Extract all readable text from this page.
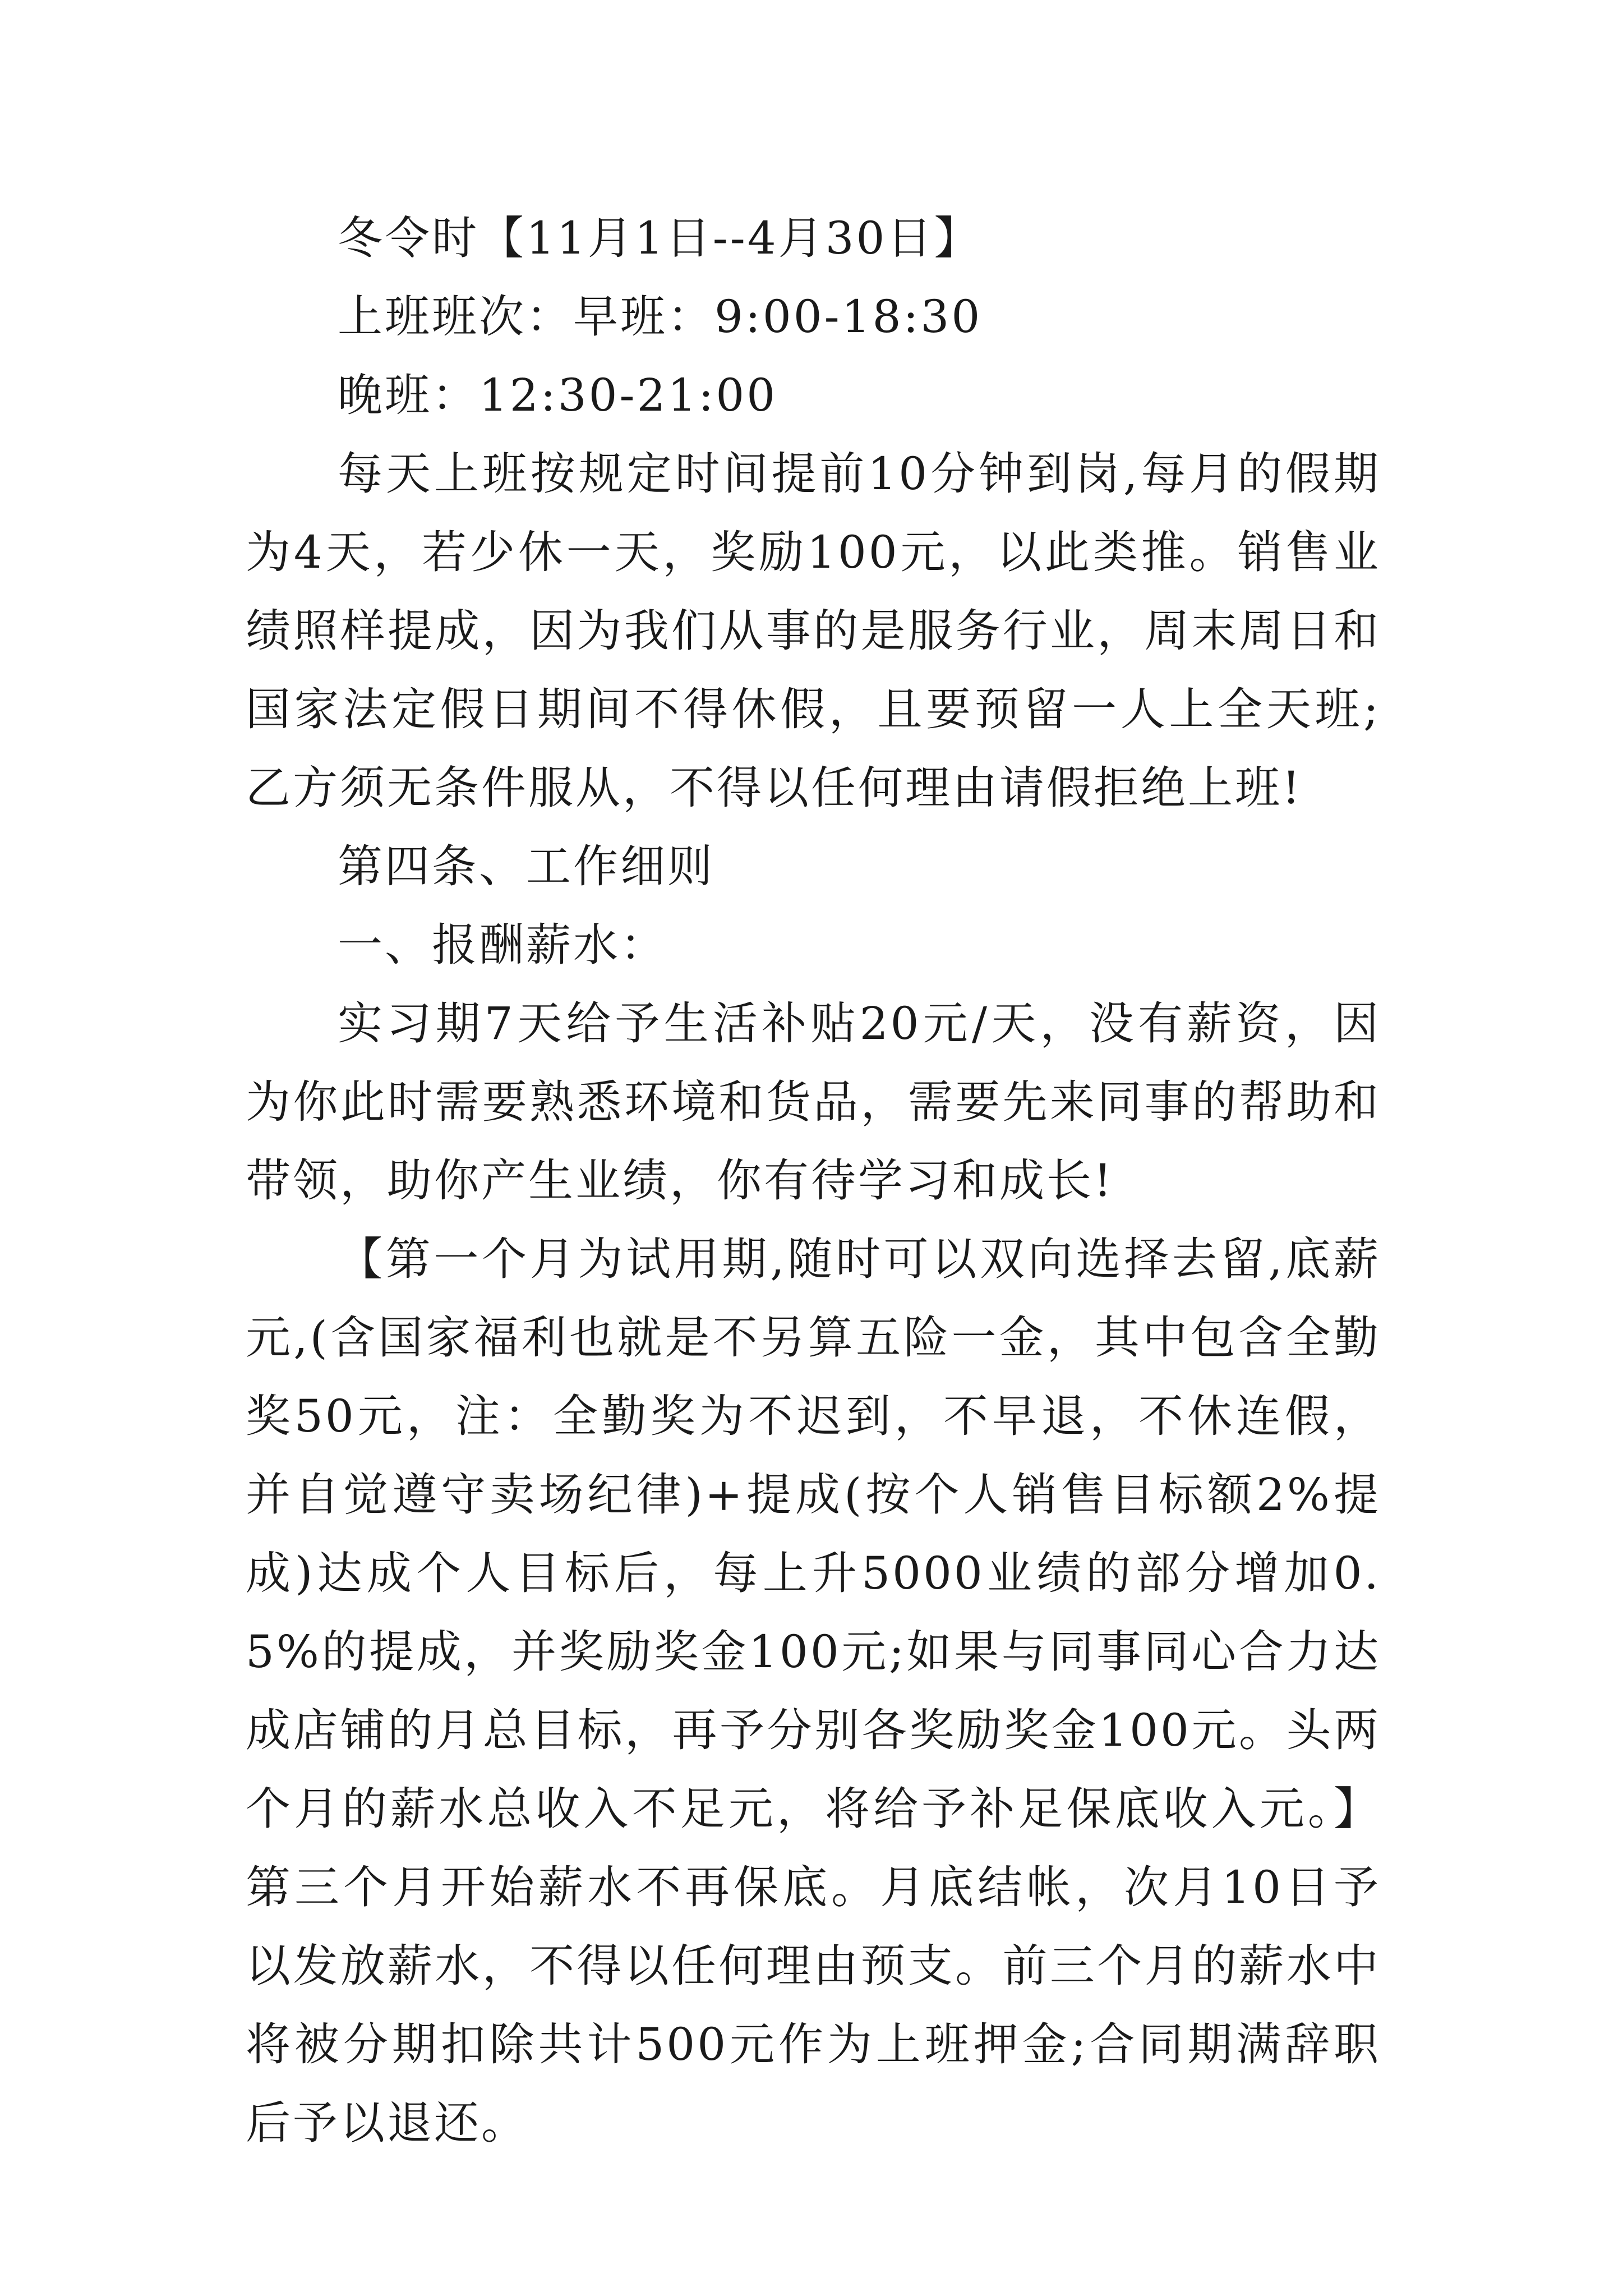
冬令时【11月1日--4月30日】

上班班次：早班：9:00-18:30

晚班：12:30-21:00

每天上班按规定时间提前10分钟到岗,每月的假期为4天，若少休一天，奖励100元，以此类推。销售业绩照样提成，因为我们从事的是服务行业，周末周日和国家法定假日期间不得休假，且要预留一人上全天班;乙方须无条件服从，不得以任何理由请假拒绝上班!

第四条、工作细则

一、报酬薪水：

实习期7天给予生活补贴20元/天，没有薪资，因为你此时需要熟悉环境和货品，需要先来同事的帮助和带领，助你产生业绩，你有待学习和成长!

【第一个月为试用期,随时可以双向选择去留,底薪元,(含国家福利也就是不另算五险一金，其中包含全勤奖50元，注：全勤奖为不迟到，不早退，不休连假，并自觉遵守卖场纪律)+提成(按个人销售目标额2%提成)达成个人目标后，每上升5000业绩的部分增加0.5%的提成，并奖励奖金100元;如果与同事同心合力达成店铺的月总目标，再予分别各奖励奖金100元。头两个月的薪水总收入不足元，将给予补足保底收入元。】第三个月开始薪水不再保底。月底结帐，次月10日予以发放薪水，不得以任何理由预支。前三个月的薪水中将被分期扣除共计500元作为上班押金;合同期满辞职后予以退还。
